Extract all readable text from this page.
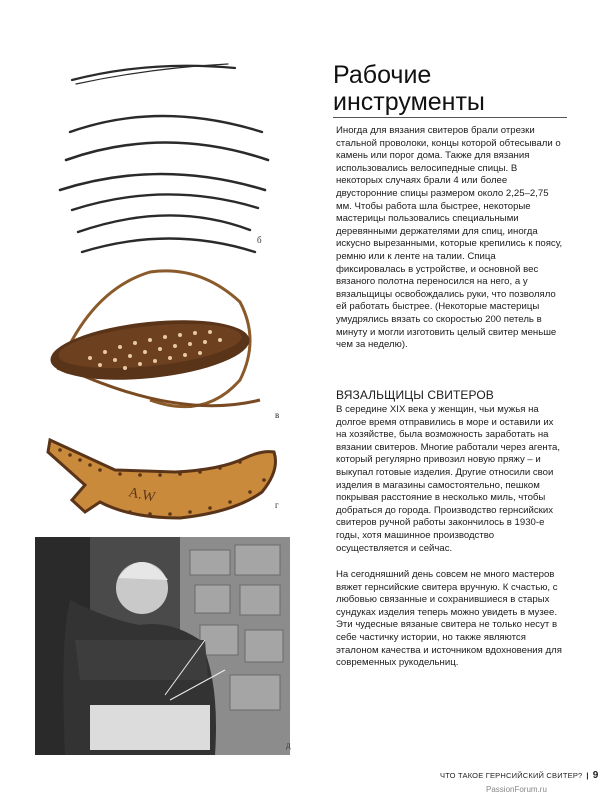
A.W
б
в
г
д
Рабочие
инструменты

Иногда для вязания свитеров брали отрезки стальной проволоки, концы которой обтесывали о камень или порог дома. Также для вязания использовались велосипедные спицы. В некоторых случаях брали 4 или более двусторонние спицы размером около 2,25–2,75 мм. Чтобы работа шла быстрее, некоторые мастерицы пользовались специальными деревянными держателями для спиц, иногда искусно вырезанными, которые крепились к поясу, ремню или к ленте на талии. Спица фиксировалась в устройстве, и основной вес вязаного полотна переносился на него, а у вязальщицы освобождались руки, что позволяло ей работать быстрее. (Некоторые мастерицы умудрялись вязать со скоростью 200 петель в минуту и могли изготовить целый свитер меньше чем за неделю).

ВЯЗАЛЬЩИЦЫ СВИТЕРОВ

В середине XIX века у женщин, чьи мужья на долгое время отправились в море и оставили их на хозяйстве, была возможность заработать на вязании свитеров. Многие работали через агента, который регулярно привозил новую пряжу – и выкупал готовые изделия. Другие относили свои изделия в магазины самостоятельно, пешком покрывая расстояние в несколько миль, чтобы добраться до города. Производство гернсийских свитеров ручной работы закончилось в 1930-е годы, хотя машинное производство осуществляется и сейчас.

На сегодняшний день совсем не много мастеров вяжет гернсийские свитера вручную. К счастью, с любовью связанные и сохранившиеся в старых сундуках изделия теперь можно увидеть в музее. Эти чудесные вязаные свитера не только несут в себе частичку истории, но также являются эталоном качества и источником вдохновения для современных рукодельниц.

ЧТО ТАКОЕ ГЕРНСИЙСКИЙ СВИТЕР? | 9
PassionForum.ru
